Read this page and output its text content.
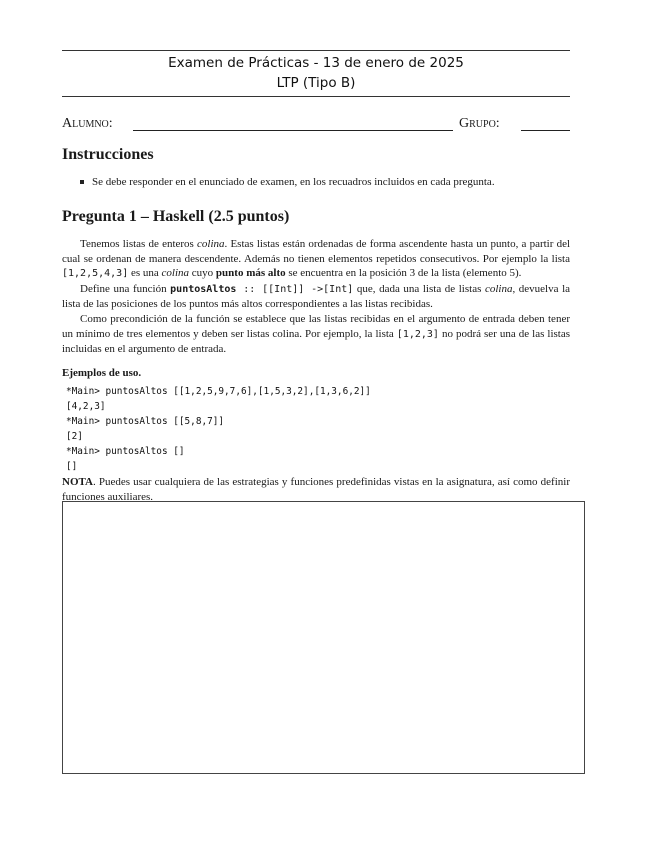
Examen de Prácticas - 13 de enero de 2025
LTP (Tipo B)
Alumno:	Grupo:
Instrucciones
Se debe responder en el enunciado de examen, en los recuadros incluidos en cada pregunta.
Pregunta 1 – Haskell (2.5 puntos)

Tenemos listas de enteros colina. Estas listas están ordenadas de forma ascendente hasta un punto, a partir del cual se ordenan de manera descendente. Además no tienen elementos repetidos consecutivos. Por ejemplo la lista [1,2,5,4,3] es una colina cuyo punto más alto se encuentra en la posición 3 de la lista (elemento 5).

Define una función puntosAltos :: [[Int]] ->[Int] que, dada una lista de listas colina, devuelva la lista de las posiciones de los puntos más altos correspondientes a las listas recibidas.

Como precondición de la función se establece que las listas recibidas en el argumento de entrada deben tener un mínimo de tres elementos y deben ser listas colina. Por ejemplo, la lista [1,2,3] no podrá ser una de las listas incluidas en el argumento de entrada.

Ejemplos de uso.
*Main> puntosAltos [[1,2,5,9,7,6],[1,5,3,2],[1,3,6,2]]
[4,2,3]
*Main> puntosAltos [[5,8,7]]
[2]
*Main> puntosAltos []
[]
NOTA. Puedes usar cualquiera de las estrategias y funciones predefinidas vistas en la asignatura, así como definir funciones auxiliares.
